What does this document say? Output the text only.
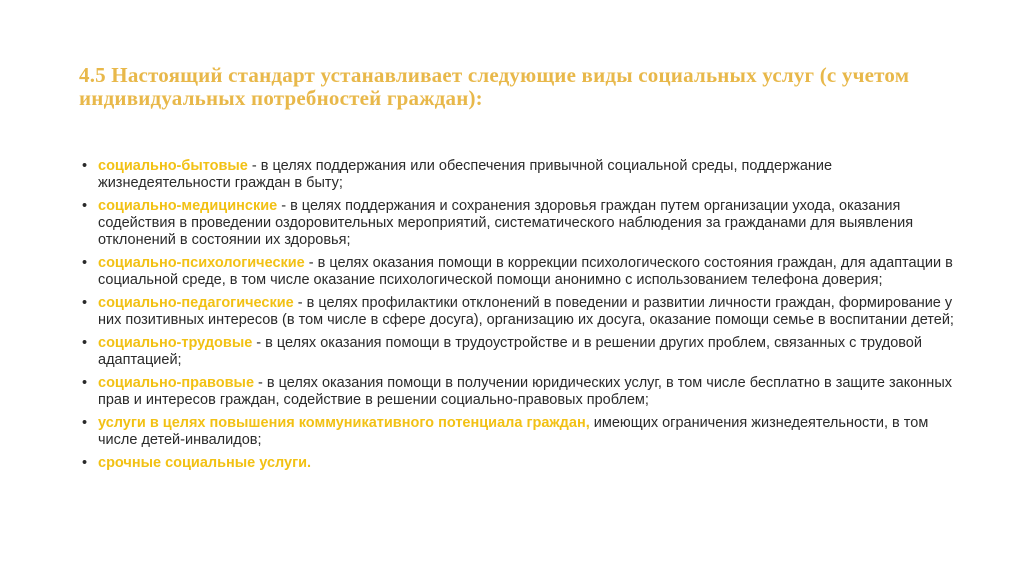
4.5 Настоящий стандарт устанавливает следующие виды социальных услуг (с учетом индивидуальных потребностей граждан):
• социально-бытовые - в целях поддержания или обеспечения привычной социальной среды, поддержание жизнедеятельности граждан в быту;
• социально-медицинские - в целях поддержания и сохранения здоровья граждан путем организации ухода, оказания содействия в проведении оздоровительных мероприятий, систематического наблюдения за гражданами для выявления отклонений в состоянии их здоровья;
• социально-психологические - в целях оказания помощи в коррекции психологического состояния граждан, для адаптации в социальной среде, в том числе оказание психологической помощи анонимно с использованием телефона доверия;
• социально-педагогические - в целях профилактики отклонений в поведении и развитии личности граждан, формирование у них позитивных интересов (в том числе в сфере досуга), организацию их досуга, оказание помощи семье в воспитании детей;
• социально-трудовые - в целях оказания помощи в трудоустройстве и в решении других проблем, связанных с трудовой адаптацией;
• социально-правовые - в целях оказания помощи в получении юридических услуг, в том числе бесплатно в защите законных прав и интересов граждан, содействие в решении социально-правовых проблем;
• услуги в целях повышения коммуникативного потенциала граждан, имеющих ограничения жизнедеятельности, в том числе детей-инвалидов;
• срочные социальные услуги.
